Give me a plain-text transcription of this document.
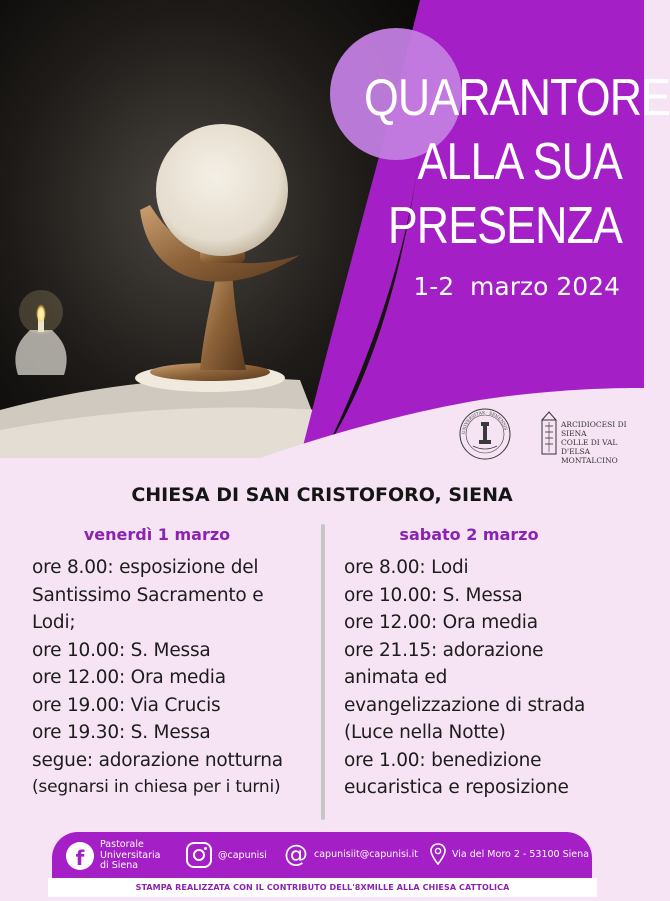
QUARANTORE
ALLA SUA
PRESENZA
1-2  marzo 2024
UNIVERSITAS · SENENSIS	ARCIDIOCESI DI SIENA
COLLE DI VAL D'ELSA
MONTALCINO
CHIESA DI SAN CRISTOFORO, SIENA
venerdì 1 marzo
ore 8.00: esposizione del
Santissimo Sacramento e
Lodi;
ore 10.00: S. Messa
ore 12.00: Ora media
ore 19.00: Via Crucis
ore 19.30: S. Messa
segue: adorazione notturna
(segnarsi in chiesa per i turni)
sabato 2 marzo
ore 8.00: Lodi
ore 10.00: S. Messa
ore 12.00: Ora media
ore 21.15: adorazione
animata ed
evangelizzazione di strada
(Luce nella Notte)
ore 1.00: benedizione
eucaristica e reposizione
f
Pastorale
Universitaria
di Siena
@capunisi @ capunisiit@capunisi.it	Via del Moro 2 - 53100 Siena
STAMPA REALIZZATA CON IL CONTRIBUTO DELL'8XMILLE ALLA CHIESA CATTOLICA
